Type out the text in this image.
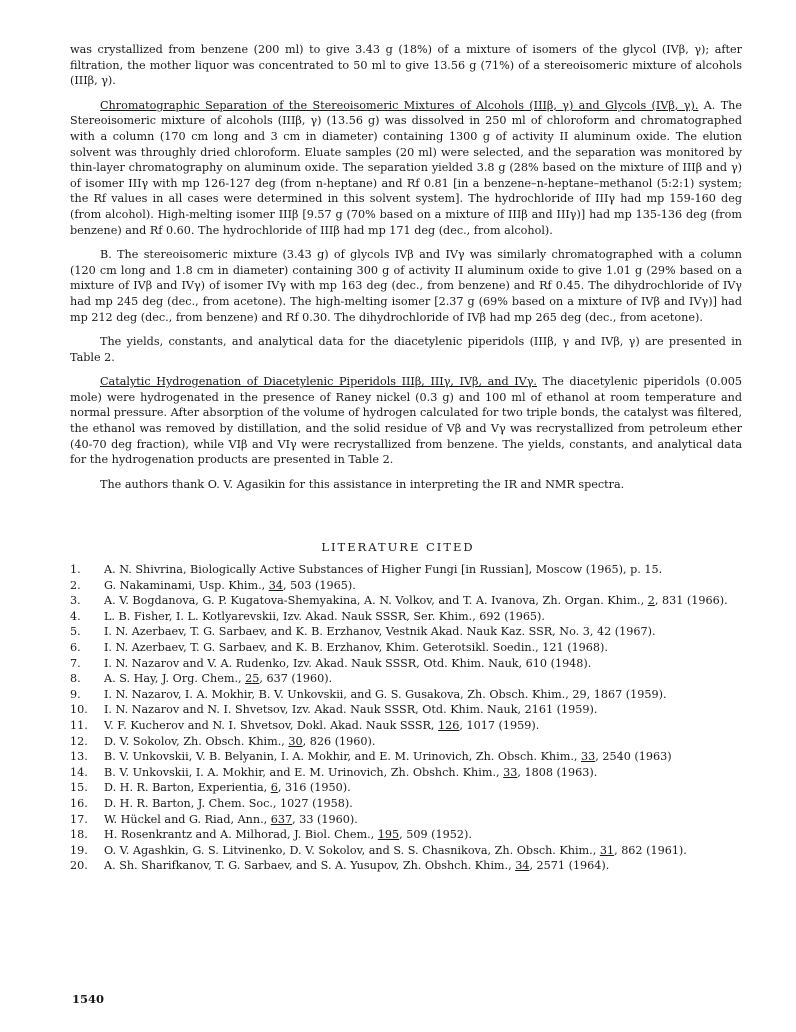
was crystallized from benzene (200 ml) to give 3.43 g (18%) of a mixture of isomers of the glycol (IVβ, γ); after filtration, the mother liquor was concentrated to 50 ml to give 13.56 g (71%) of a stereoisomeric mixture of alcohols (IIIβ, γ).

Chromatographic Separation of the Stereoisomeric Mixtures of Alcohols (IIIβ, γ) and Glycols (IVβ, γ). A. The Stereoisomeric mixture of alcohols (IIIβ, γ) (13.56 g) was dissolved in 250 ml of chloroform and chromatographed with a column (170 cm long and 3 cm in diameter) containing 1300 g of activity II aluminum oxide. The elution solvent was throughly dried chloroform. Eluate samples (20 ml) were selected, and the separation was monitored by thin-layer chromatography on aluminum oxide. The separation yielded 3.8 g (28% based on the mixture of IIIβ and γ) of isomer IIIγ with mp 126-127 deg (from n-heptane) and Rf 0.81 [in a benzene–n-heptane–methanol (5:2:1) system; the Rf values in all cases were determined in this solvent system]. The hydrochloride of IIIγ had mp 159-160 deg (from alcohol). High-melting isomer IIIβ [9.57 g (70% based on a mixture of IIIβ and IIIγ)] had mp 135-136 deg (from benzene) and Rf 0.60. The hydrochloride of IIIβ had mp 171 deg (dec., from alcohol).

B. The stereoisomeric mixture (3.43 g) of glycols IVβ and IVγ was similarly chromatographed with a column (120 cm long and 1.8 cm in diameter) containing 300 g of activity II aluminum oxide to give 1.01 g (29% based on a mixture of IVβ and IVγ) of isomer IVγ with mp 163 deg (dec., from benzene) and Rf 0.45. The dihydrochloride of IVγ had mp 245 deg (dec., from acetone). The high-melting isomer [2.37 g (69% based on a mixture of IVβ and IVγ)] had mp 212 deg (dec., from benzene) and Rf 0.30. The dihydrochloride of IVβ had mp 265 deg (dec., from acetone).

The yields, constants, and analytical data for the diacetylenic piperidols (IIIβ, γ and IVβ, γ) are presented in Table 2.

Catalytic Hydrogenation of Diacetylenic Piperidols IIIβ, IIIγ, IVβ, and IVγ. The diacetylenic piperidols (0.005 mole) were hydrogenated in the presence of Raney nickel (0.3 g) and 100 ml of ethanol at room temperature and normal pressure. After absorption of the volume of hydrogen calculated for two triple bonds, the catalyst was filtered, the ethanol was removed by distillation, and the solid residue of Vβ and Vγ was recrystallized from petroleum ether (40-70 deg fraction), while VIβ and VIγ were recrystallized from benzene. The yields, constants, and analytical data for the hydrogenation products are presented in Table 2.

The authors thank O. V. Agasikin for this assistance in interpreting the IR and NMR spectra.

LITERATURE CITED
1.	A. N. Shivrina, Biologically Active Substances of Higher Fungi [in Russian], Moscow (1965), p. 15.
2.	G. Nakaminami, Usp. Khim., 34, 503 (1965).
3.	A. V. Bogdanova, G. P. Kugatova-Shemyakina, A. N. Volkov, and T. A. Ivanova, Zh. Organ. Khim., 2, 831 (1966).
4.	L. B. Fisher, I. L. Kotlyarevskii, Izv. Akad. Nauk SSSR, Ser. Khim., 692 (1965).
5.	I. N. Azerbaev, T. G. Sarbaev, and K. B. Erzhanov, Vestnik Akad. Nauk Kaz. SSR, No. 3, 42 (1967).
6.	I. N. Azerbaev, T. G. Sarbaev, and K. B. Erzhanov, Khim. Geterotsikl. Soedin., 121 (1968).
7.	I. N. Nazarov and V. A. Rudenko, Izv. Akad. Nauk SSSR, Otd. Khim. Nauk, 610 (1948).
8.	A. S. Hay, J. Org. Chem., 25, 637 (1960).
9.	I. N. Nazarov, I. A. Mokhir, B. V. Unkovskii, and G. S. Gusakova, Zh. Obsch. Khim., 29, 1867 (1959).
10.	I. N. Nazarov and N. I. Shvetsov, Izv. Akad. Nauk SSSR, Otd. Khim. Nauk, 2161 (1959).
11.	V. F. Kucherov and N. I. Shvetsov, Dokl. Akad. Nauk SSSR, 126, 1017 (1959).
12.	D. V. Sokolov, Zh. Obsch. Khim., 30, 826 (1960).
13.	B. V. Unkovskii, V. B. Belyanin, I. A. Mokhir, and E. M. Urinovich, Zh. Obsch. Khim., 33, 2540 (1963)
14.	B. V. Unkovskii, I. A. Mokhir, and E. M. Urinovich, Zh. Obshch. Khim., 33, 1808 (1963).
15.	D. H. R. Barton, Experientia, 6, 316 (1950).
16.	D. H. R. Barton, J. Chem. Soc., 1027 (1958).
17.	W. Hückel and G. Riad, Ann., 637, 33 (1960).
18.	H. Rosenkrantz and A. Milhorad, J. Biol. Chem., 195, 509 (1952).
19.	O. V. Agashkin, G. S. Litvinenko, D. V. Sokolov, and S. S. Chasnikova, Zh. Obsch. Khim., 31, 862 (1961).
20.	A. Sh. Sharifkanov, T. G. Sarbaev, and S. A. Yusupov, Zh. Obshch. Khim., 34, 2571 (1964).
1540
